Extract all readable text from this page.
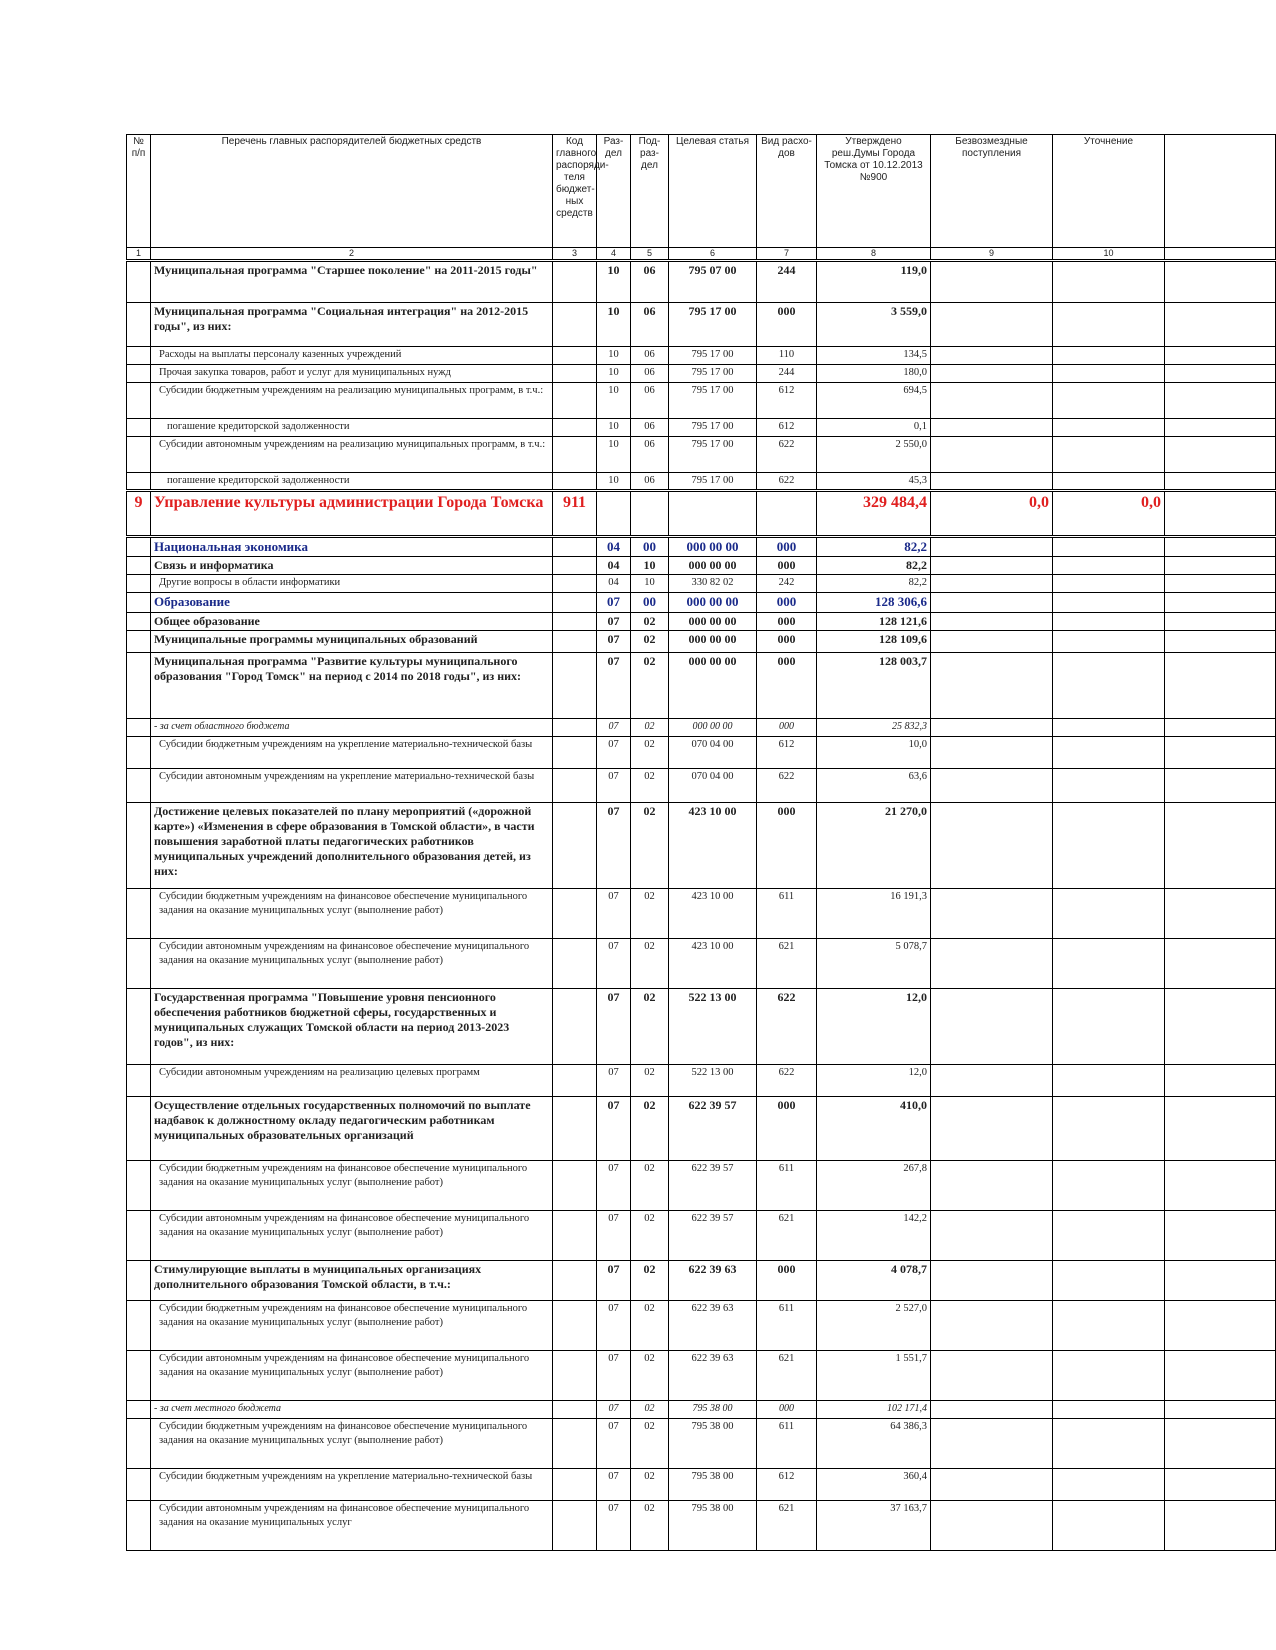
№ п/п	Перечень главных распорядителей бюджетных средств	Код главного распоряди-теля бюджет-ных средств	Раз-дел	Под-раз-дел	Целевая статья	Вид расхо-дов	Утверждено реш.Думы Города Томска от 10.12.2013 №900	Безвозмездные поступления	Уточнение	
1	2	3	4	5	6	7	8	9	10	
	Муниципальная программа "Старшее поколение" на 2011-2015 годы"		10	06	795 07 00	244	119,0			
	Муниципальная программа "Социальная интеграция" на 2012-2015 годы", из них:		10	06	795 17 00	000	3 559,0			
	Расходы на выплаты персоналу казенных учреждений		10	06	795 17 00	110	134,5			
	Прочая закупка товаров, работ и услуг для муниципальных нужд		10	06	795 17 00	244	180,0			
	Субсидии бюджетным учреждениям на реализацию муниципальных программ, в т.ч.:		10	06	795 17 00	612	694,5			
	погашение кредиторской задолженности		10	06	795 17 00	612	0,1			
	Субсидии автономным учреждениям на реализацию муниципальных программ, в т.ч.:		10	06	795 17 00	622	2 550,0			
	погашение кредиторской задолженности		10	06	795 17 00	622	45,3			
9	Управление культуры администрации Города Томска	911					329 484,4	0,0	0,0	
	Национальная экономика		04	00	000 00 00	000	82,2			
	Связь и информатика		04	10	000 00 00	000	82,2			
	Другие вопросы в области информатики		04	10	330 82 02	242	82,2			
	Образование		07	00	000 00 00	000	128 306,6			
	Общее образование		07	02	000 00 00	000	128 121,6			
	Муниципальные программы муниципальных образований		07	02	000 00 00	000	128 109,6			
	Муниципальная программа "Развитие культуры муниципального образования "Город Томск" на период с 2014 по 2018 годы", из них:		07	02	000 00 00	000	128 003,7			
	- за счет областного бюджета		07	02	000 00 00	000	25 832,3			
	Субсидии бюджетным учреждениям на укрепление материально-технической базы		07	02	070 04 00	612	10,0			
	Субсидии автономным учреждениям на укрепление материально-технической базы		07	02	070 04 00	622	63,6			
	Достижение целевых показателей по плану мероприятий («дорожной карте») «Изменения в сфере образования в Томской области», в части повышения заработной платы педагогических работников муниципальных учреждений дополнительного образования детей, из них:		07	02	423 10 00	000	21 270,0			
	Субсидии бюджетным учреждениям на финансовое обеспечение муниципального задания на оказание муниципальных услуг (выполнение работ)		07	02	423 10 00	611	16 191,3			
	Субсидии автономным учреждениям на финансовое обеспечение муниципального задания на оказание муниципальных услуг (выполнение работ)		07	02	423 10 00	621	5 078,7			
	Государственная программа "Повышение уровня пенсионного обеспечения работников бюджетной сферы, государственных и муниципальных служащих Томской области на период 2013-2023 годов", из них:		07	02	522 13 00	622	12,0			
	Субсидии автономным учреждениям на реализацию целевых программ		07	02	522 13 00	622	12,0			
	Осуществление отдельных государственных полномочий по выплате надбавок к должностному окладу педагогическим работникам муниципальных образовательных организаций		07	02	622 39 57	000	410,0			
	Субсидии бюджетным учреждениям на финансовое обеспечение муниципального задания на оказание муниципальных услуг (выполнение работ)		07	02	622 39 57	611	267,8			
	Субсидии автономным учреждениям на финансовое обеспечение муниципального задания на оказание муниципальных услуг (выполнение работ)		07	02	622 39 57	621	142,2			
	Стимулирующие выплаты в муниципальных организациях дополнительного образования Томской области, в т.ч.:		07	02	622 39 63	000	4 078,7			
	Субсидии бюджетным учреждениям на финансовое обеспечение муниципального задания на оказание муниципальных услуг (выполнение работ)		07	02	622 39 63	611	2 527,0			
	Субсидии автономным учреждениям на финансовое обеспечение муниципального задания на оказание муниципальных услуг (выполнение работ)		07	02	622 39 63	621	1 551,7			
	- за счет местного бюджета		07	02	795 38 00	000	102 171,4			
	Субсидии бюджетным учреждениям на финансовое обеспечение муниципального задания на оказание муниципальных услуг (выполнение работ)		07	02	795 38 00	611	64 386,3			
	Субсидии бюджетным учреждениям на укрепление материально-технической базы		07	02	795 38 00	612	360,4			
	Субсидии автономным учреждениям на финансовое обеспечение муниципального задания на оказание муниципальных услуг		07	02	795 38 00	621	37 163,7			
